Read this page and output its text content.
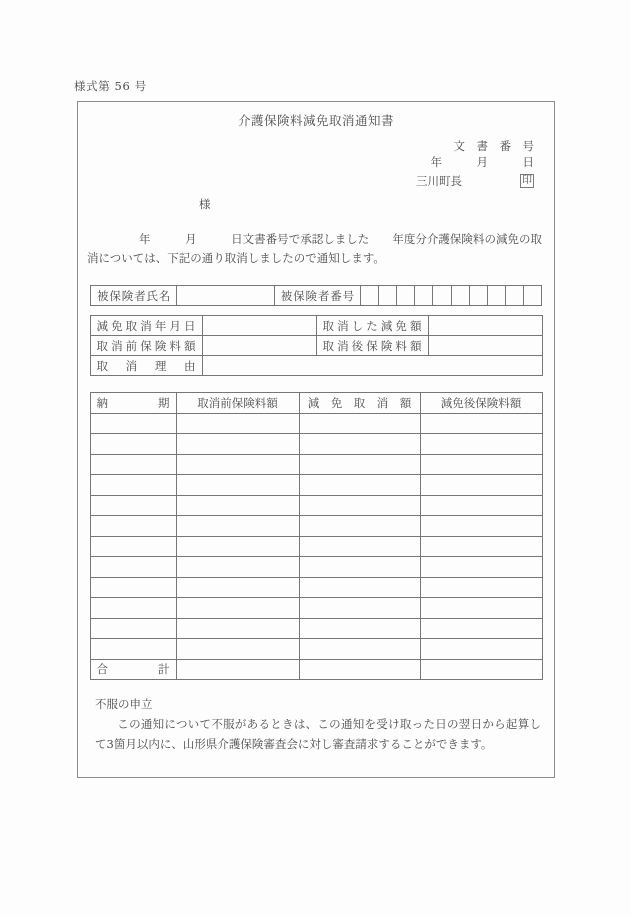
様式第 56 号
介護保険料減免取消通知書
文　書　番　号
年　　　月　　　日
三川町長	印
様
年　　　月　　　日文書番号で承認しました　　年度分介護保険料の減免の取消については、下記の通り取消しましたので通知します。
被保険者氏名		被保険者番号										
減免取消年月日		取消した減免額	
取消前保険料額		取消後保険料額	
取　消　理　由			
納　　　　期	取消前保険料額	減　免　取　消　額	減免後保険料額

合　　　　計			
不服の申立
この通知について不服があるときは、この通知を受け取った日の翌日から起算して3箇月以内に、山形県介護保険審査会に対し審査請求することができます。
